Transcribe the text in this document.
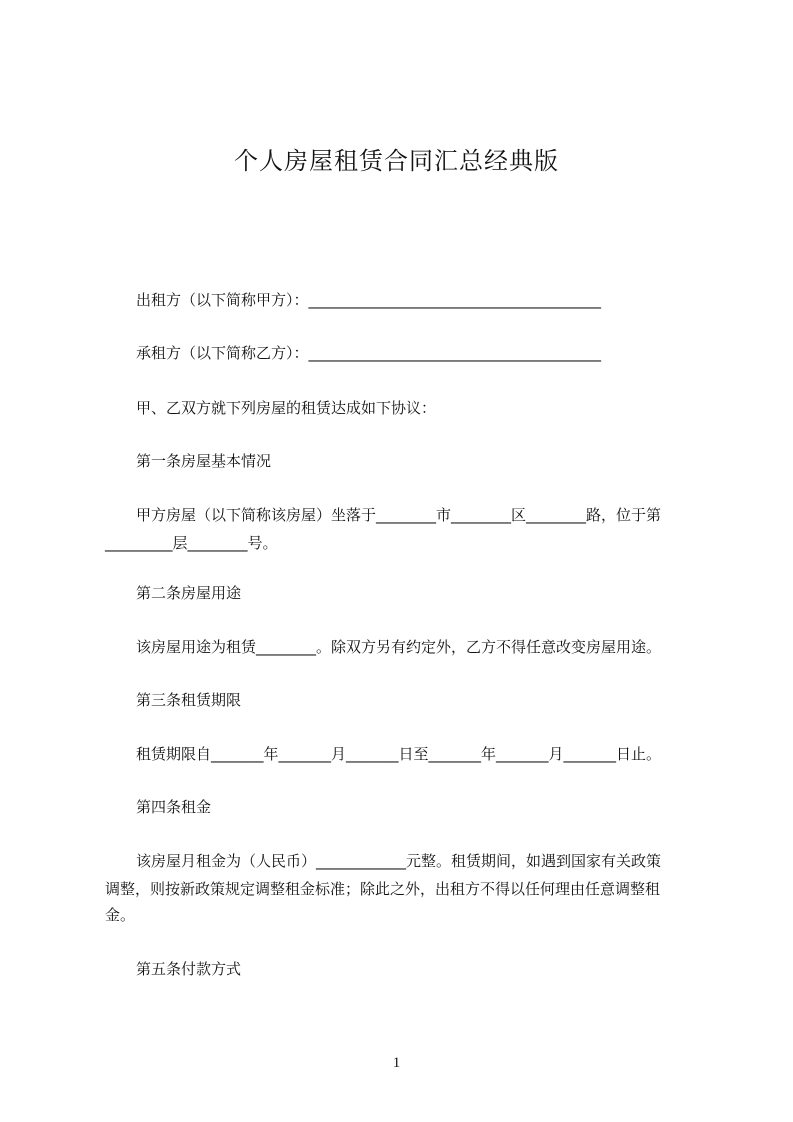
个人房屋租赁合同汇总经典版
出租方（以下简称甲方）：_______________________________________
承租方（以下简称乙方）：_______________________________________
甲、乙双方就下列房屋的租赁达成如下协议：
第一条房屋基本情况
甲方房屋（以下简称该房屋）坐落于________市________区________路，位于第
_________层________号。
第二条房屋用途
该房屋用途为租赁________。除双方另有约定外，乙方不得任意改变房屋用途。
第三条租赁期限
租赁期限自_______年_______月_______日至_______年_______月_______日止。
第四条租金
该房屋月租金为（人民币）____________元整。租赁期间，如遇到国家有关政策
调整，则按新政策规定调整租金标准；除此之外，出租方不得以任何理由任意调整租
金。
第五条付款方式
1
